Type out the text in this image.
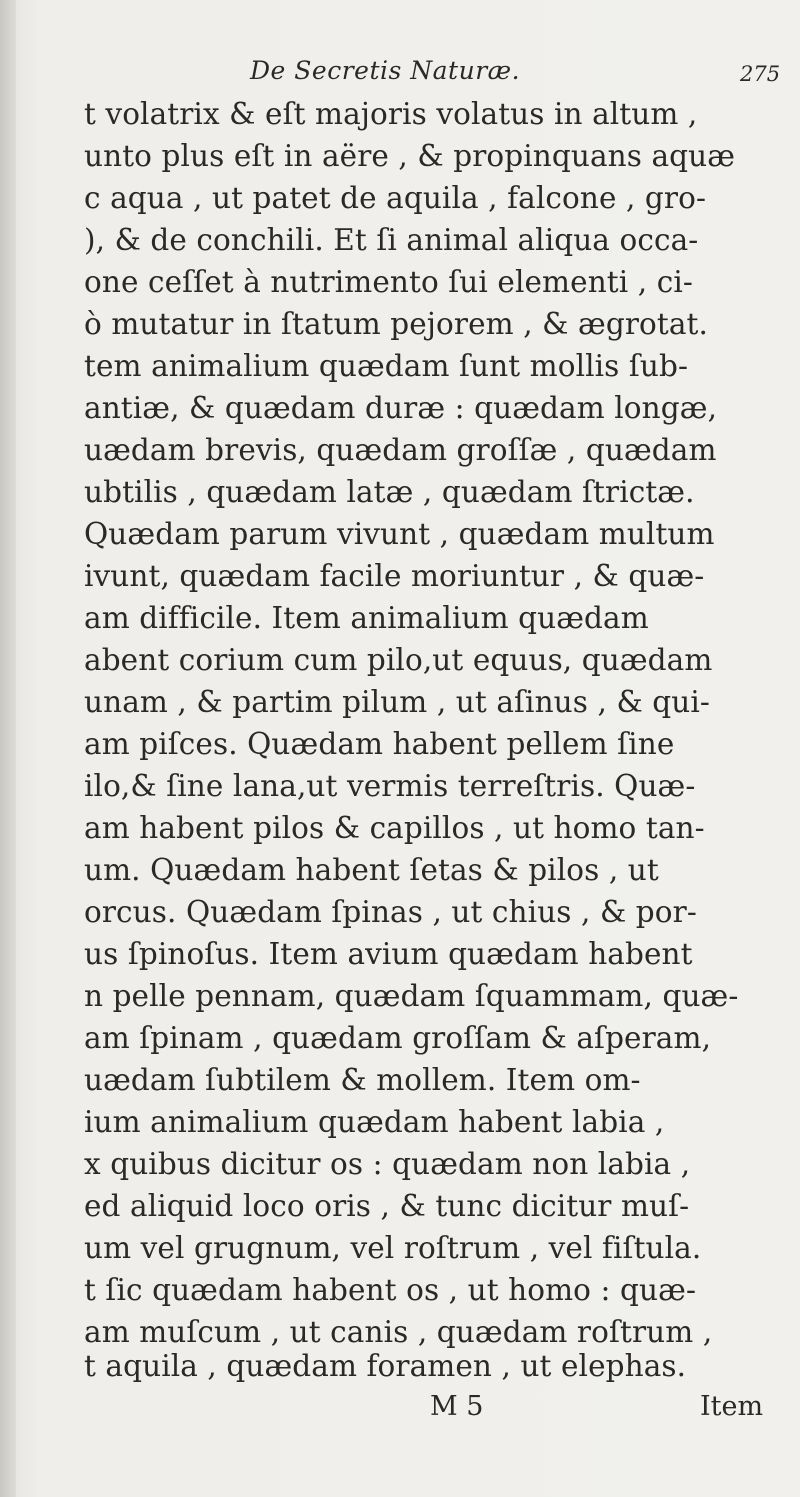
De Secretis Naturæ.	275
t volatrix & eſt majoris volatus in altum ,
unto plus eſt in aëre , & propinquans aquæ
c aqua , ut patet de aquila , falcone , gro-
), & de conchili. Et ſi animal aliqua occa-
one ceſſet à nutrimento ſui elementi , ci-
ò mutatur in ſtatum pejorem , & ægrotat.
tem animalium quædam ſunt mollis ſub-
antiæ, & quædam duræ : quædam longæ,
uædam brevis, quædam groſſæ , quædam
ubtilis , quædam latæ , quædam ſtrictæ.
Quædam parum vivunt , quædam multum
ivunt, quædam facile moriuntur , & quæ-
am difficile. Item animalium quædam
abent corium cum pilo,ut equus, quædam
unam , & partim pilum , ut aſinus , & qui-
am piſces. Quædam habent pellem ſine
ilo,& ſine lana,ut vermis terreſtris. Quæ-
am habent pilos & capillos , ut homo tan-
um. Quædam habent ſetas & pilos , ut
orcus. Quædam ſpinas , ut chius , & por-
us ſpinoſus. Item avium quædam habent
n pelle pennam, quædam ſquammam, quæ-
am ſpinam , quædam groſſam & aſperam,
uædam ſubtilem & mollem. Item om-
ium animalium quædam habent labia ,
x quibus dicitur os : quædam non labia ,
ed aliquid loco oris , & tunc dicitur muſ-
um vel grugnum, vel roſtrum , vel fiſtula.
t ſic quædam habent os , ut homo : quæ-
am muſcum , ut canis , quædam roſtrum ,
t aquila , quædam foramen , ut elephas.
M 5	Item
